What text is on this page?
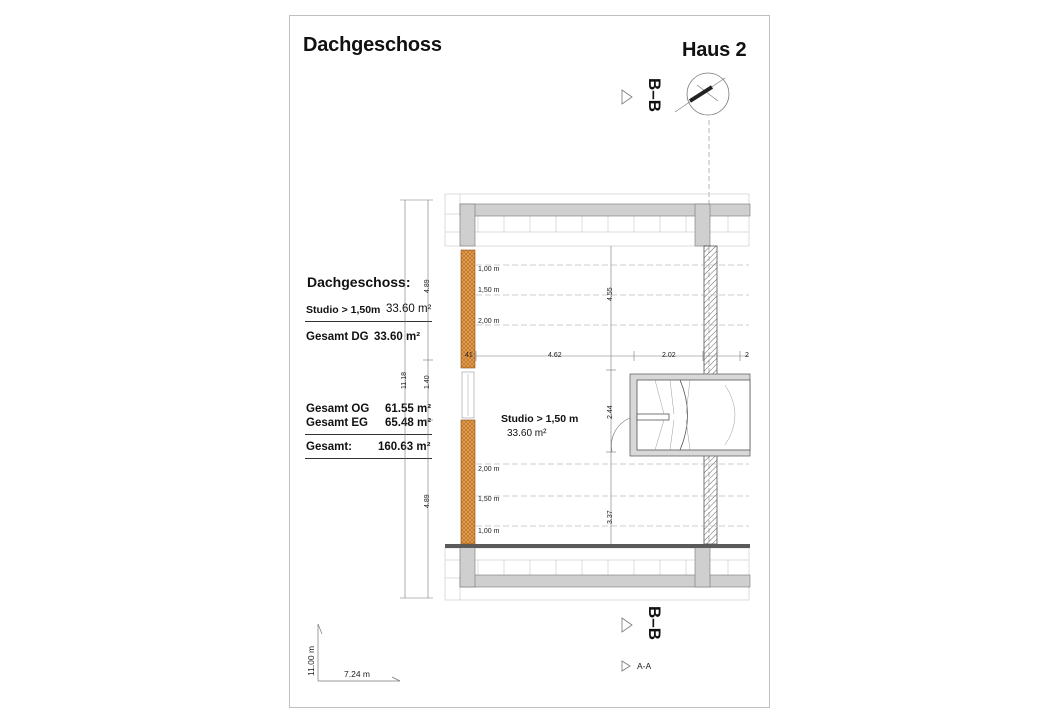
Dachgeschoss	Haus 2
Dachgeschoss:
Studio > 1,50m 33.60 m²
Gesamt DG 33.60 m²
Gesamt OG 61.55 m²
Gesamt EG 65.48 m²
Gesamt: 160.63 m²
B–B
B–B
A-A
Studio > 1,50 m
33.60 m²
1,00 m
1,50 m
2,00 m
2,00 m
1,50 m
1,00 m
11.18
4.89
1.40
4.89
41	4.62	2.02	2
4.55
2.44
3.37
11.00 m	7.24 m
